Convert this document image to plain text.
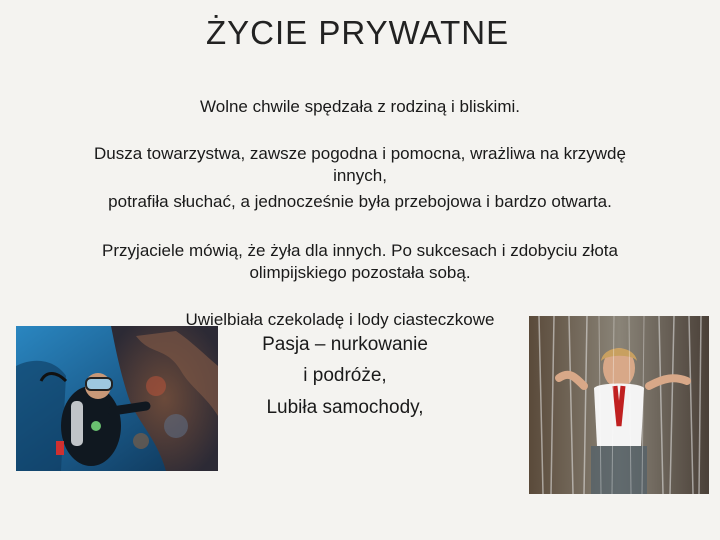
ŻYCIE PRYWATNE
Wolne chwile spędzała z rodziną i bliskimi.
Dusza towarzystwa, zawsze pogodna i pomocna, wrażliwa na krzywdę
innych,
potrafiła słuchać, a jednocześnie była przebojowa i bardzo otwarta.
Przyjaciele mówią, że żyła dla innych. Po sukcesach i zdobyciu złota
olimpijskiego pozostała sobą.
Uwielbiała czekoladę i lody ciasteczkowe
Pasja – nurkowanie
i podróże,
Lubiła samochody,
